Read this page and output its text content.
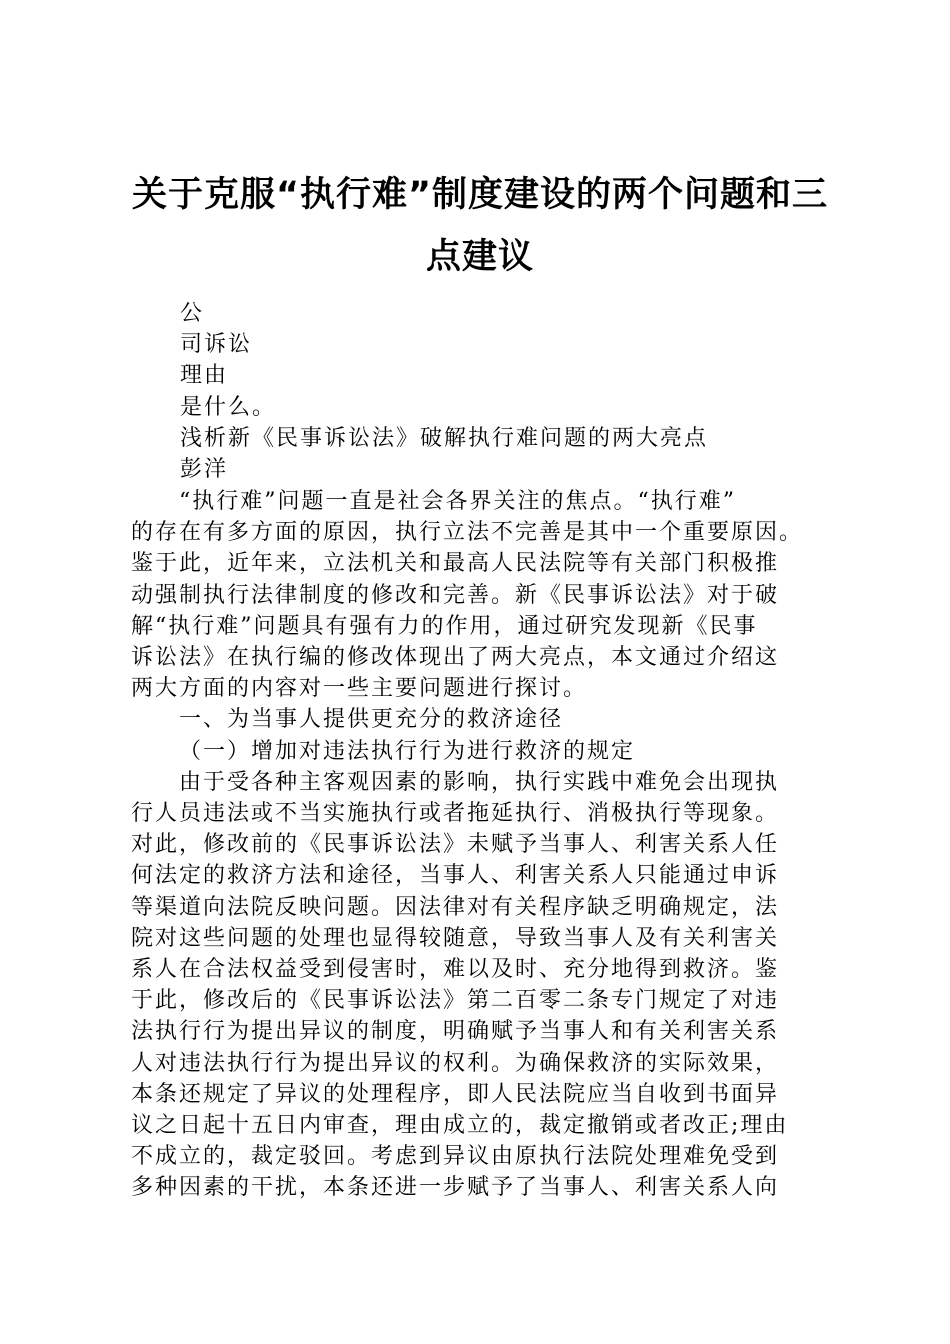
关于克服“执行难”制度建设的两个问题和三
点建议
公
司诉讼
理由
是什么。
浅析新《民事诉讼法》破解执行难问题的两大亮点
彭洋
“执行难”问题一直是社会各界关注的焦点。“执行难”
的存在有多方面的原因，执行立法不完善是其中一个重要原因。
鉴于此，近年来，立法机关和最高人民法院等有关部门积极推
动强制执行法律制度的修改和完善。新《民事诉讼法》对于破
解“执行难”问题具有强有力的作用，通过研究发现新《民事
诉讼法》在执行编的修改体现出了两大亮点，本文通过介绍这
两大方面的内容对一些主要问题进行探讨。
一、为当事人提供更充分的救济途径
（一）增加对违法执行行为进行救济的规定
由于受各种主客观因素的影响，执行实践中难免会出现执
行人员违法或不当实施执行或者拖延执行、消极执行等现象。
对此，修改前的《民事诉讼法》未赋予当事人、利害关系人任
何法定的救济方法和途径，当事人、利害关系人只能通过申诉
等渠道向法院反映问题。因法律对有关程序缺乏明确规定，法
院对这些问题的处理也显得较随意，导致当事人及有关利害关
系人在合法权益受到侵害时，难以及时、充分地得到救济。鉴
于此，修改后的《民事诉讼法》第二百零二条专门规定了对违
法执行行为提出异议的制度，明确赋予当事人和有关利害关系
人对违法执行行为提出异议的权利。为确保救济的实际效果，
本条还规定了异议的处理程序，即人民法院应当自收到书面异
议之日起十五日内审查，理由成立的，裁定撤销或者改正;理由
不成立的，裁定驳回。考虑到异议由原执行法院处理难免受到
多种因素的干扰，本条还进一步赋予了当事人、利害关系人向
